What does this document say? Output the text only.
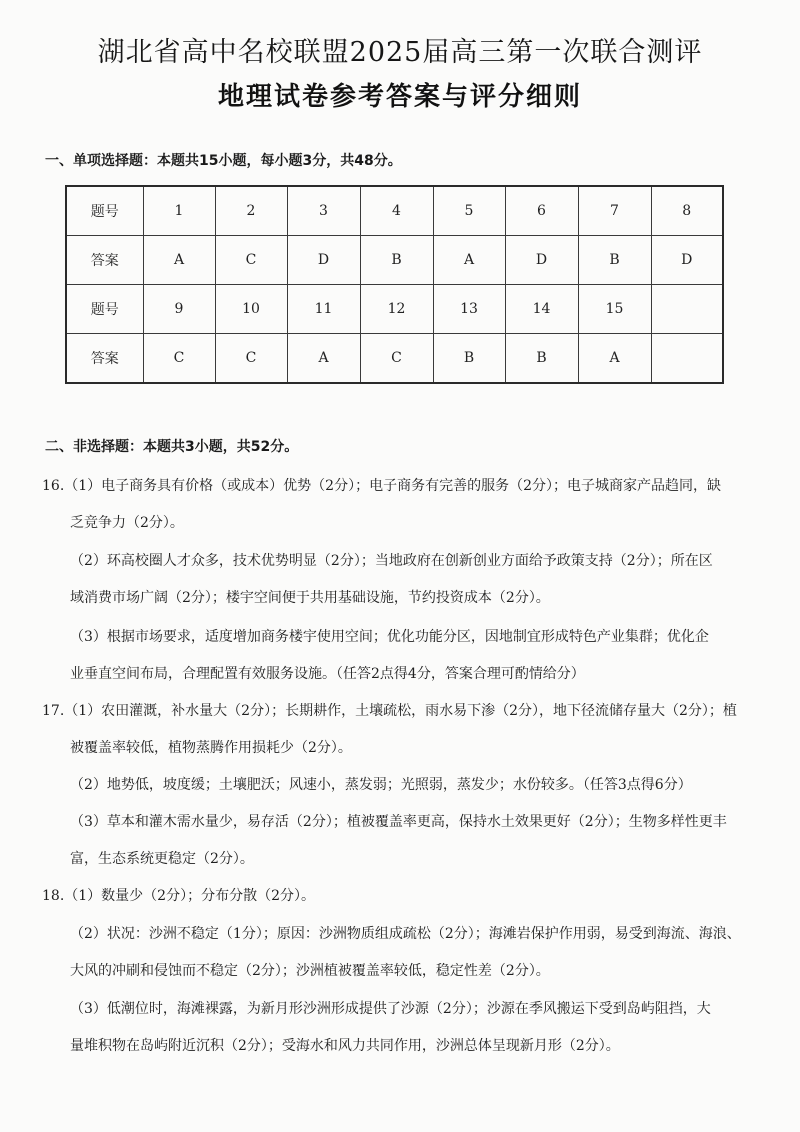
湖北省高中名校联盟2025届高三第一次联合测评
地理试卷参考答案与评分细则
一、单项选择题：本题共15小题，每小题3分，共48分。
题号	1	2	3	4	5	6	7	8
答案	A	C	D	B	A	D	B	D
题号	9	10	11	12	13	14	15	
答案	C	C	A	C	B	B	A	
二、非选择题：本题共3小题，共52分。
16.（1）电子商务具有价格（或成本）优势（2分）；电子商务有完善的服务（2分）；电子城商家产品趋同，缺
乏竞争力（2分）。
（2）环高校圈人才众多，技术优势明显（2分）；当地政府在创新创业方面给予政策支持（2分）；所在区
域消费市场广阔（2分）；楼宇空间便于共用基础设施，节约投资成本（2分）。
（3）根据市场要求，适度增加商务楼宇使用空间；优化功能分区，因地制宜形成特色产业集群；优化企
业垂直空间布局，合理配置有效服务设施。（任答2点得4分，答案合理可酌情给分）
17.（1）农田灌溉，补水量大（2分）；长期耕作，土壤疏松，雨水易下渗（2分），地下径流储存量大（2分）；植
被覆盖率较低，植物蒸腾作用损耗少（2分）。
（2）地势低，坡度缓；土壤肥沃；风速小，蒸发弱；光照弱，蒸发少；水份较多。（任答3点得6分）
（3）草本和灌木需水量少，易存活（2分）；植被覆盖率更高，保持水土效果更好（2分）；生物多样性更丰
富，生态系统更稳定（2分）。
18.（1）数量少（2分）；分布分散（2分）。
（2）状况：沙洲不稳定（1分）；原因：沙洲物质组成疏松（2分）；海滩岩保护作用弱，易受到海流、海浪、
大风的冲刷和侵蚀而不稳定（2分）；沙洲植被覆盖率较低，稳定性差（2分）。
（3）低潮位时，海滩裸露，为新月形沙洲形成提供了沙源（2分）；沙源在季风搬运下受到岛屿阻挡，大
量堆积物在岛屿附近沉积（2分）；受海水和风力共同作用，沙洲总体呈现新月形（2分）。
